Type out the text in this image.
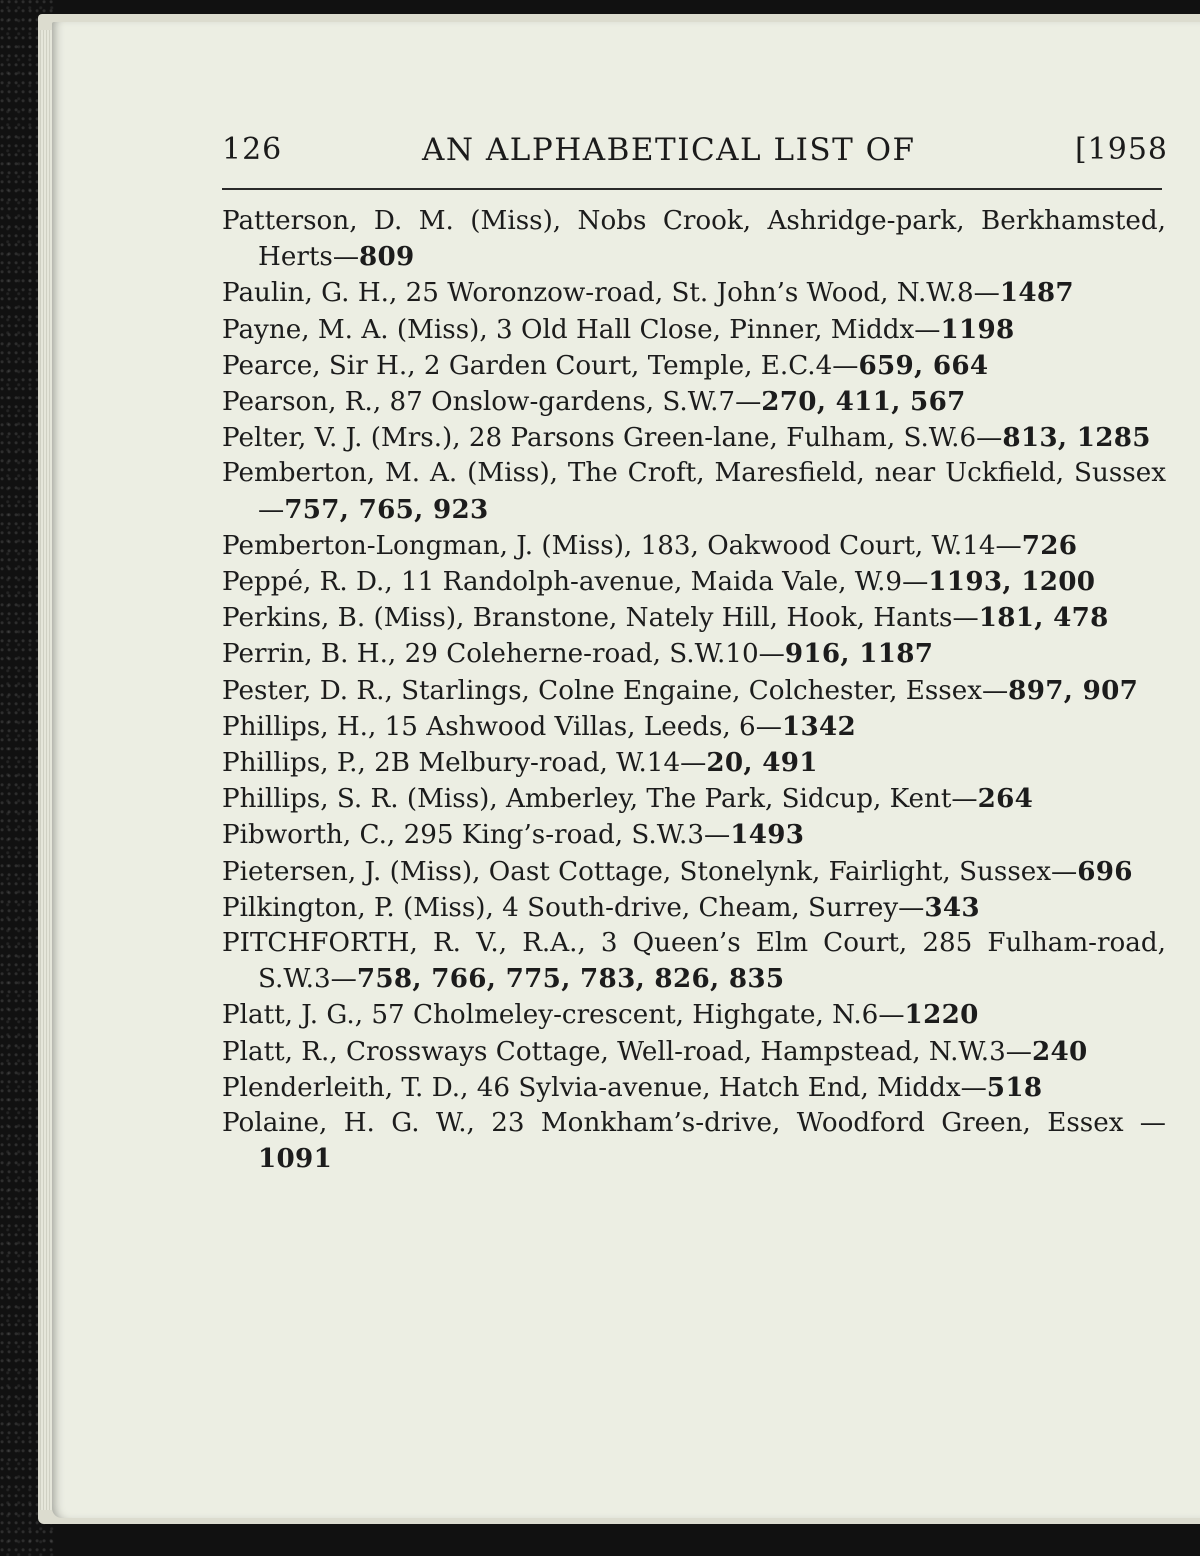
126	AN ALPHABETICAL LIST OF	[1958

Patterson, D. M. (Miss), Nobs Crook, Ashridge-park, Berkhamsted, Herts—809

Paulin, G. H., 25 Woronzow-road, St. John’s Wood, N.W.8—1487

Payne, M. A. (Miss), 3 Old Hall Close, Pinner, Middx—1198

Pearce, Sir H., 2 Garden Court, Temple, E.C.4—659, 664

Pearson, R., 87 Onslow-gardens, S.W.7—270, 411, 567

Pelter, V. J. (Mrs.), 28 Parsons Green-lane, Fulham, S.W.6—813, 1285

Pemberton, M. A. (Miss), The Croft, Maresfield, near Uckfield, Sussex—757, 765, 923

Pemberton-Longman, J. (Miss), 183, Oakwood Court, W.14—726

Peppé, R. D., 11 Randolph-avenue, Maida Vale, W.9—1193, 1200

Perkins, B. (Miss), Branstone, Nately Hill, Hook, Hants—181, 478

Perrin, B. H., 29 Coleherne-road, S.W.10—916, 1187

Pester, D. R., Starlings, Colne Engaine, Colchester, Essex—897, 907

Phillips, H., 15 Ashwood Villas, Leeds, 6—1342

Phillips, P., 2B Melbury-road, W.14—20, 491

Phillips, S. R. (Miss), Amberley, The Park, Sidcup, Kent—264

Pibworth, C., 295 King’s-road, S.W.3—1493

Pietersen, J. (Miss), Oast Cottage, Stonelynk, Fairlight, Sussex—696

Pilkington, P. (Miss), 4 South-drive, Cheam, Surrey—343

PITCHFORTH, R. V., R.A., 3 Queen’s Elm Court, 285 Fulham-road, S.W.3—758, 766, 775, 783, 826, 835

Platt, J. G., 57 Cholmeley-crescent, Highgate, N.6—1220

Platt, R., Crossways Cottage, Well-road, Hampstead, N.W.3—240

Plenderleith, T. D., 46 Sylvia-avenue, Hatch End, Middx—518

Polaine, H. G. W., 23 Monkham’s-drive, Woodford Green, Essex —1091
